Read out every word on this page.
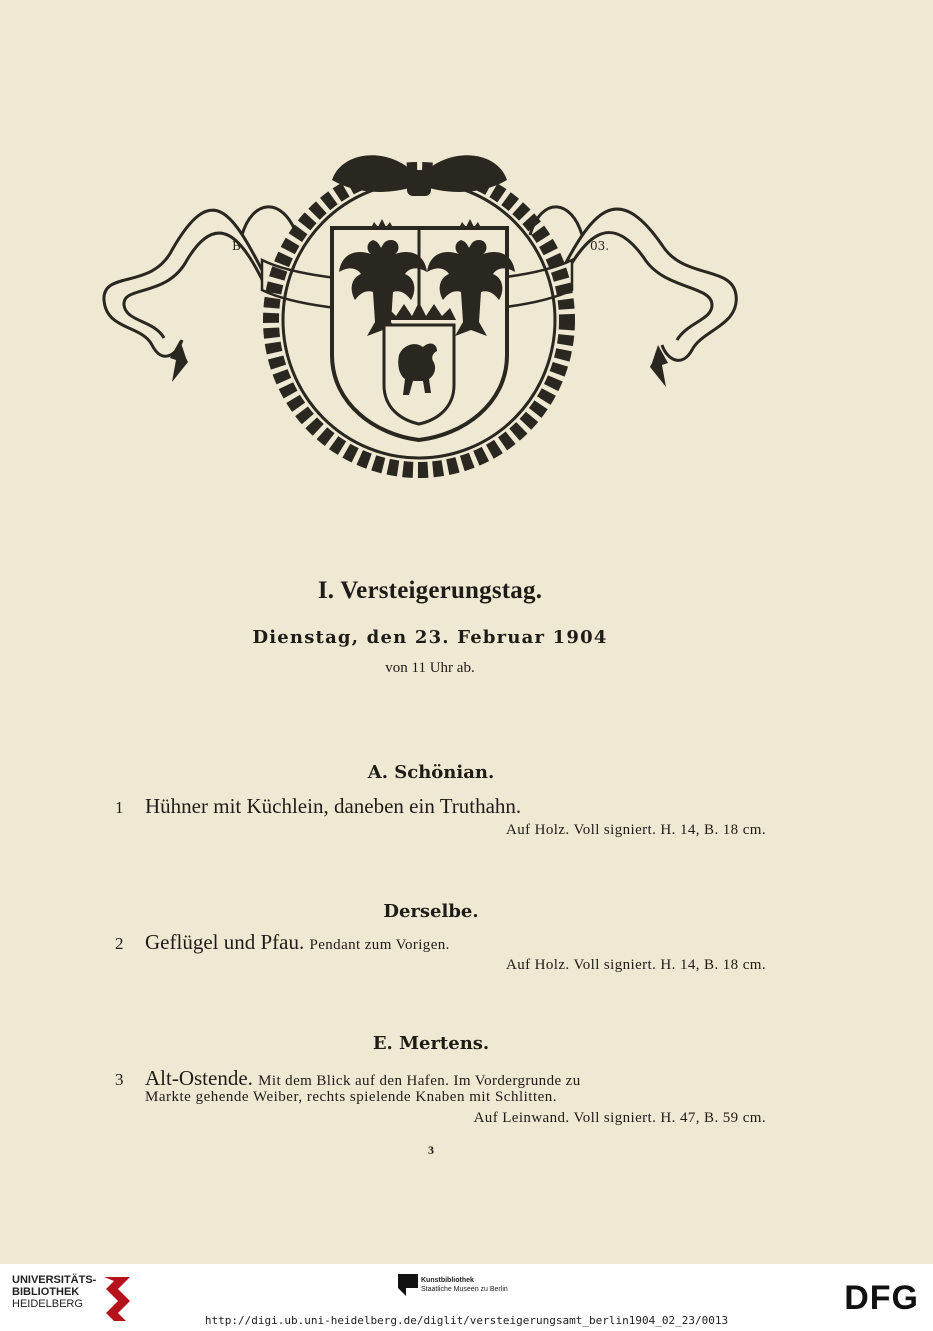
B.	03.
I. Versteigerungstag.
Dienstag, den 23. Februar 1904
von 11 Uhr ab.
A. Schönian.
1 Hühner mit Küchlein, daneben ein Truthahn.
Auf Holz. Voll signiert. H. 14, B. 18 cm.
Derselbe.
2 Geflügel und Pfau. Pendant zum Vorigen.
Auf Holz. Voll signiert. H. 14, B. 18 cm.
E. Mertens.
3 Alt-Ostende. Mit dem Blick auf den Hafen. Im Vordergrunde zu
Markte gehende Weiber, rechts spielende Knaben mit Schlitten.
Auf Leinwand. Voll signiert. H. 47, B. 59 cm.
3
UNIVERSITÄTS-
BIBLIOTHEK
HEIDELBERG
Kunstbibliothek
Staatliche Museen zu Berlin	DFG
http://digi.ub.uni-heidelberg.de/diglit/versteigerungsamt_berlin1904_02_23/0013
